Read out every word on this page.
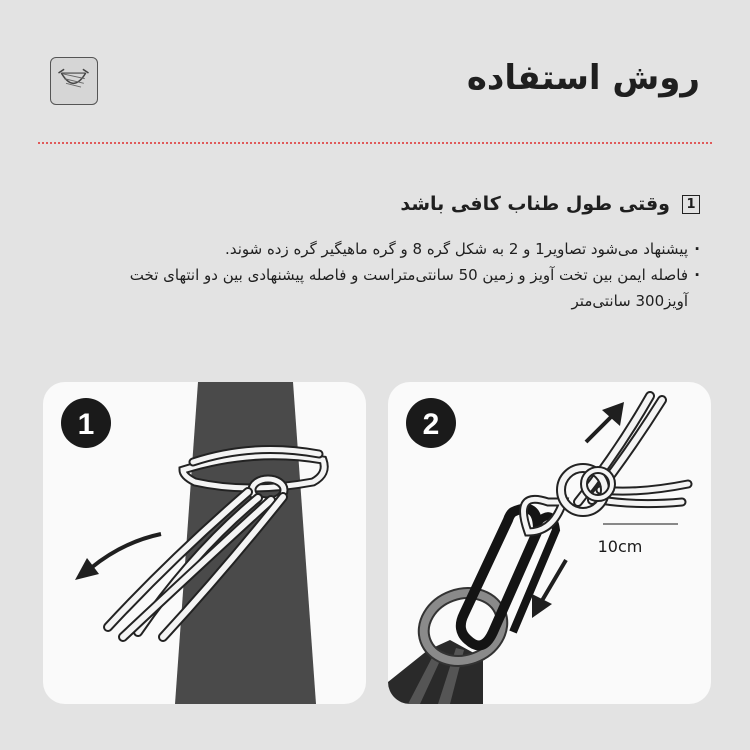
روش استفاده
1
وقتی طول طناب کافی باشد
. پیشنهاد می‌شود تصاویر1 و 2 به شکل گره 8 و گره ماهیگیر گره زده شوند.
. فاصله ایمن بین تخت آویز و زمین 50 سانتی‌متراست و فاصله پیشنهادی بین دو انتهای تخت آویز300 سانتی‌متر
1
10cm
2
